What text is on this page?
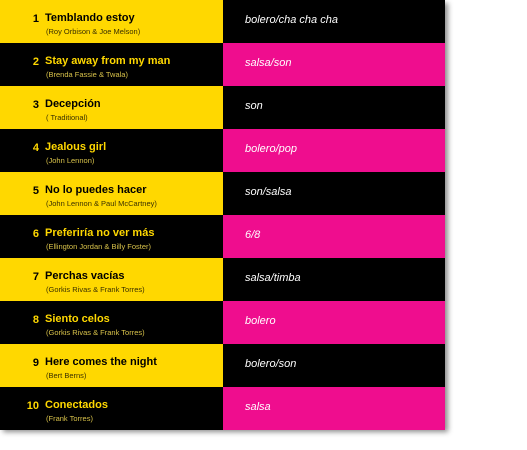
1 Temblando estoy
(Roy Orbison & Joe Melson)
bolero/cha cha cha
2 Stay away from my man
(Brenda Fassie & Twala)
salsa/son
3 Decepción
( Traditional)
son
4 Jealous girl
(John Lennon)
bolero/pop
5 No lo puedes hacer
(John Lennon & Paul McCartney)
son/salsa
6 Preferiría no ver más
(Ellington Jordan & Billy Foster)
6/8
7 Perchas vacías
(Gorkis Rivas & Frank Torres)
salsa/timba
8 Siento celos
(Gorkis Rivas & Frank Torres)
bolero
9 Here comes the night
(Bert Berns)
bolero/son
10 Conectados
(Frank Torres)
salsa
